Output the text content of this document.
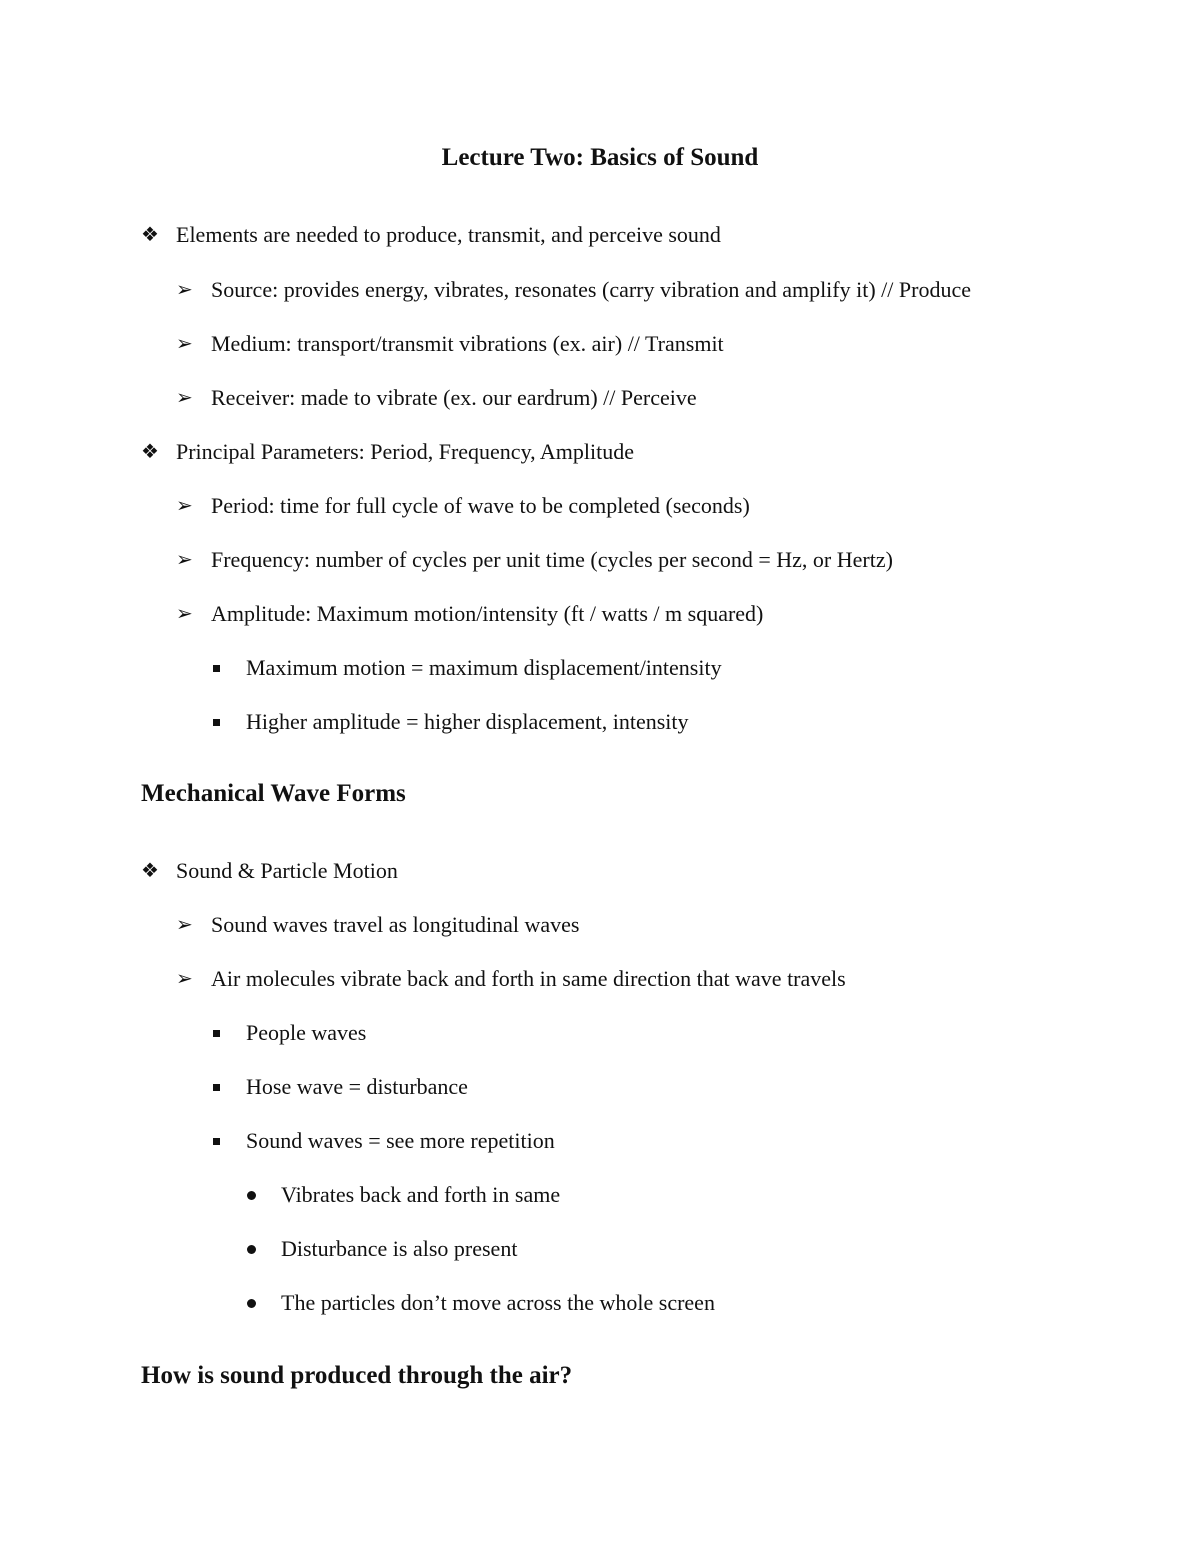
Lecture Two: Basics of Sound
❖ Elements are needed to produce, transmit, and perceive sound
➢ Source: provides energy, vibrates, resonates (carry vibration and amplify it) // Produce
➢ Medium: transport/transmit vibrations (ex. air) // Transmit
➢ Receiver: made to vibrate (ex. our eardrum) // Perceive
❖ Principal Parameters: Period, Frequency, Amplitude
➢ Period: time for full cycle of wave to be completed (seconds)
➢ Frequency: number of cycles per unit time (cycles per second = Hz, or Hertz)
➢ Amplitude: Maximum motion/intensity (ft / watts / m squared)
Maximum motion = maximum displacement/intensity
Higher amplitude = higher displacement, intensity
Mechanical Wave Forms
❖ Sound & Particle Motion
➢ Sound waves travel as longitudinal waves
➢ Air molecules vibrate back and forth in same direction that wave travels
People waves
Hose wave = disturbance
Sound waves = see more repetition
Vibrates back and forth in same
Disturbance is also present
The particles don’t move across the whole screen
How is sound produced through the air?
